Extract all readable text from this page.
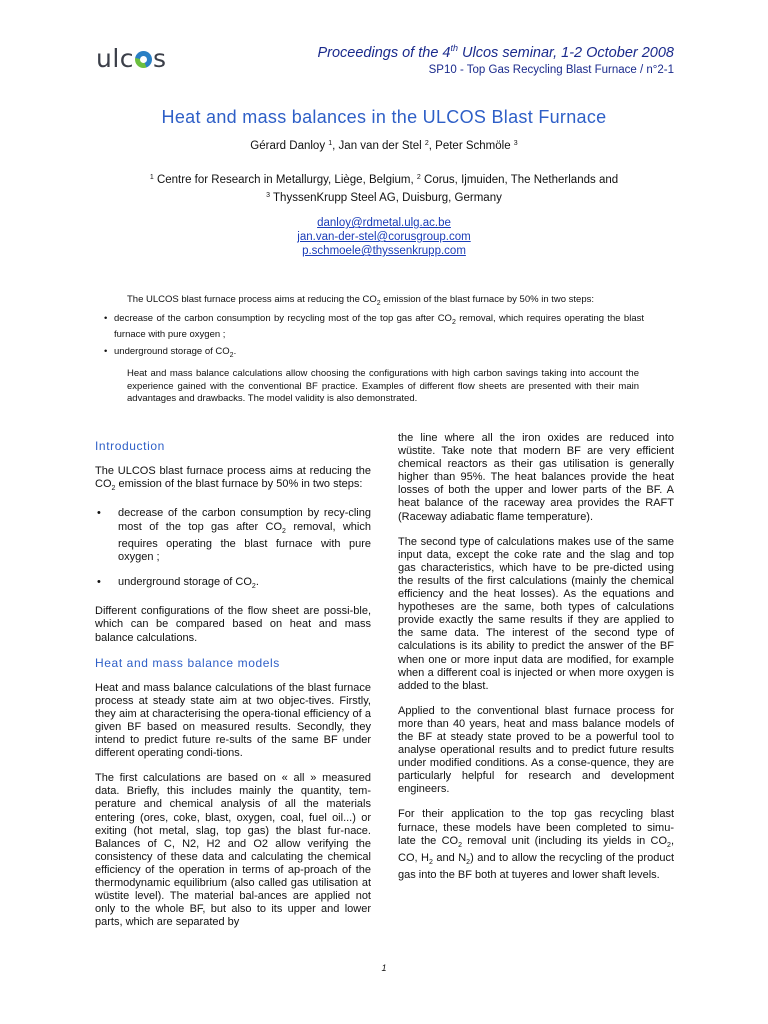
ulc s	Proceedings of the 4th Ulcos seminar, 1-2 October 2008
SP10 - Top Gas Recycling Blast Furnace / n°2-1
Heat and mass balances in the ULCOS Blast Furnace
Gérard Danloy $^1$, Jan van der Stel $^2$, Peter Schmöle $^3$
$^1$ Centre for Research in Metallurgy, Liège, Belgium, $^2$ Corus, Ijmuiden, The Netherlands and
$^3$ ThyssenKrupp Steel AG, Duisburg, Germany
danloy@rdmetal.ulg.ac.be
jan.van-der-stel@corusgroup.com
p.schmoele@thyssenkrupp.com
The ULCOS blast furnace process aims at reducing the $CO_2$ emission of the blast furnace by 50% in two steps:
• decrease of the carbon consumption by recycling most of the top gas after $CO_2$ removal, which requires operating the blast furnace with pure oxygen ;
• underground storage of $CO_2$.
Heat and mass balance calculations allow choosing the configurations with high carbon savings taking into account the experience gained with the conventional BF practice. Examples of different flow sheets are presented with their main advantages and drawbacks. The model validity is also demonstrated.
Introduction

The ULCOS blast furnace process aims at reducing the $CO_2$ emission of the blast furnace by 50% in two steps:

• decrease of the carbon consumption by recy-cling most of the top gas after $CO_2$ removal, which requires operating the blast furnace with pure oxygen ;
• underground storage of $CO_2$.

Different configurations of the flow sheet are possi-ble, which can be compared based on heat and mass balance calculations.

Heat and mass balance models

Heat and mass balance calculations of the blast furnace process at steady state aim at two objec-tives. Firstly, they aim at characterising the opera-tional efficiency of a given BF based on measured results. Secondly, they intend to predict future re-sults of the same BF under different operating condi-tions.

The first calculations are based on « all » measured data. Briefly, this includes mainly the quantity, tem-perature and chemical analysis of all the materials entering (ores, coke, blast, oxygen, coal, fuel oil...) or exiting (hot metal, slag, top gas) the blast fur-nace. Balances of C, N2, H2 and O2 allow verifying the consistency of these data and calculating the chemical efficiency of the operation in terms of ap-proach of the thermodynamic equilibrium (also called gas utilisation at wüstite level). The material bal-ances are applied not only to the whole BF, but also to its upper and lower parts, which are separated by

the line where all the iron oxides are reduced into wüstite. Take note that modern BF are very efficient chemical reactors as their gas utilisation is generally higher than 95%. The heat balances provide the heat losses of both the upper and lower parts of the BF. A heat balance of the raceway area provides the RAFT (Raceway adiabatic flame temperature).

The second type of calculations makes use of the same input data, except the coke rate and the slag and top gas characteristics, which have to be pre-dicted using the results of the first calculations (mainly the chemical efficiency and the heat losses). As the equations and hypotheses are the same, both types of calculations provide exactly the same results if they are applied to the same data. The interest of the second type of calculations is its ability to predict the answer of the BF when one or more input data are modified, for example when a different coal is injected or when more oxygen is added to the blast.

Applied to the conventional blast furnace process for more than 40 years, heat and mass balance models of the BF at steady state proved to be a powerful tool to analyse operational results and to predict future results under modified conditions. As a conse-quence, they are particularly helpful for research and development engineers.

For their application to the top gas recycling blast furnace, these models have been completed to simu-late the $CO_2$ removal unit (including its yields in $CO_2$, CO, $H_2$ and $N_2$) and to allow the recycling of the product gas into the BF both at tuyeres and lower shaft levels.

1
